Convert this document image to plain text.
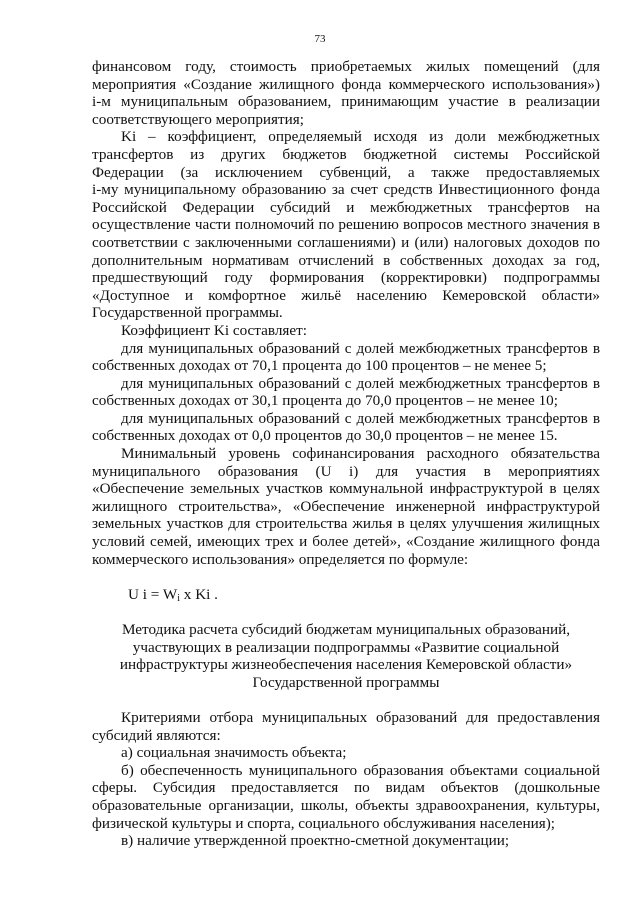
73
финансовом году, стоимость приобретаемых жилых помещений (для
мероприятия «Создание жилищного фонда коммерческого использования»)
i-м муниципальным образованием, принимающим участие в реализации
соответствующего мероприятия;
Ki – коэффициент, определяемый исходя из доли межбюджетных
трансфертов из других бюджетов бюджетной системы Российской
Федерации (за исключением субвенций, а также предоставляемых
i-му муниципальному образованию за счет средств Инвестиционного фонда
Российской Федерации субсидий и межбюджетных трансфертов на
осуществление части полномочий по решению вопросов местного значения в
соответствии с заключенными соглашениями) и (или) налоговых доходов по
дополнительным нормативам отчислений в собственных доходах за год,
предшествующий году формирования (корректировки) подпрограммы
«Доступное и комфортное жильё населению Кемеровской области»
Государственной программы.
Коэффициент Ki составляет:
для муниципальных образований с долей межбюджетных трансфертов в
собственных доходах от 70,1 процента до 100 процентов – не менее 5;
для муниципальных образований с долей межбюджетных трансфертов в
собственных доходах от 30,1 процента до 70,0 процентов – не менее 10;
для муниципальных образований с долей межбюджетных трансфертов в
собственных доходах от 0,0 процентов до 30,0 процентов – не менее 15.
Минимальный уровень софинансирования расходного обязательства
муниципального образования (U i) для участия в мероприятиях
«Обеспечение земельных участков коммунальной инфраструктурой в целях
жилищного строительства», «Обеспечение инженерной инфраструктурой
земельных участков для строительства жилья в целях улучшения жилищных
условий семей, имеющих трех и более детей», «Создание жилищного фонда
коммерческого использования» определяется по формуле:
U $i = W_i$ x Ki .
Методика расчета субсидий бюджетам муниципальных образований,
участвующих в реализации подпрограммы «Развитие социальной
инфраструктуры жизнеобеспечения населения Кемеровской области»
Государственной программы
Критериями отбора муниципальных образований для предоставления
субсидий являются:
а) социальная значимость объекта;
б) обеспеченность муниципального образования объектами социальной
сферы. Субсидия предоставляется по видам объектов (дошкольные
образовательные организации, школы, объекты здравоохранения, культуры,
физической культуры и спорта, социального обслуживания населения);
в) наличие утвержденной проектно-сметной документации;
